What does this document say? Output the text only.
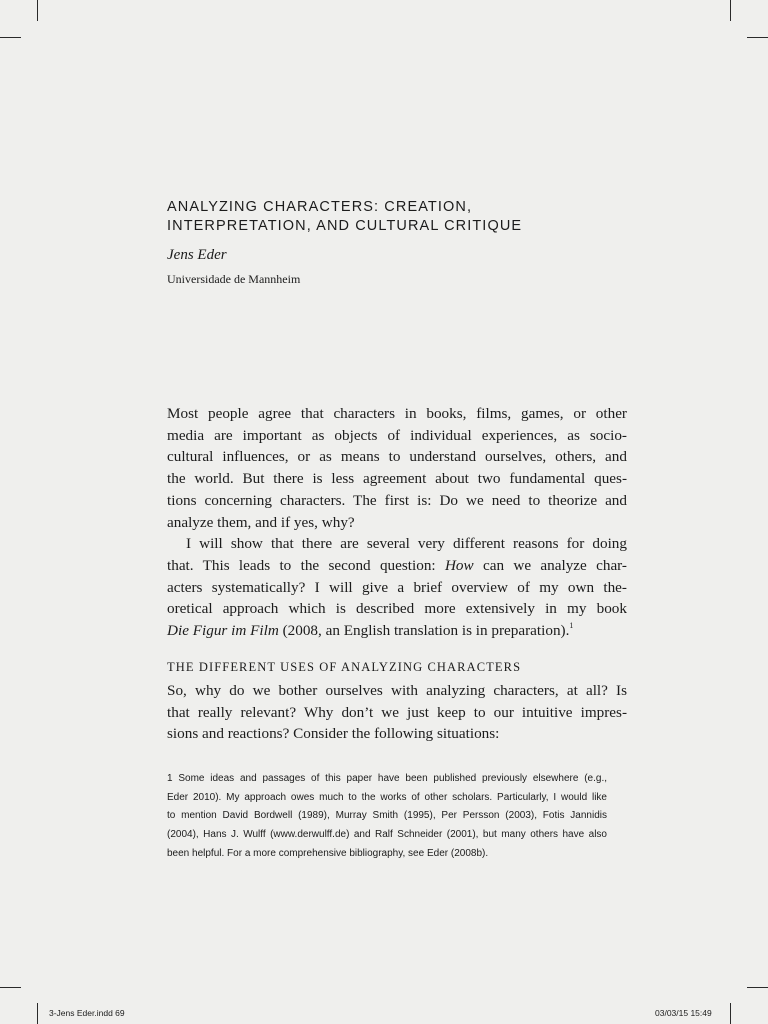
ANALYZING CHARACTERS: CREATION,
INTERPRETATION, AND CULTURAL CRITIQUE
Jens Eder
Universidade de Mannheim
Most people agree that characters in books, films, games, or other
media are important as objects of individual experiences, as socio-
cultural influences, or as means to understand ourselves, others, and
the world. But there is less agreement about two fundamental ques-
tions concerning characters. The first is: Do we need to theorize and
analyze them, and if yes, why?
I will show that there are several very different reasons for doing
that. This leads to the second question: How can we analyze char-
acters systematically? I will give a brief overview of my own the-
oretical approach which is described more extensively in my book
Die Figur im Film (2008, an English translation is in preparation).$^1$
THE DIFFERENT USES OF ANALYZING CHARACTERS
So, why do we bother ourselves with analyzing characters, at all? Is
that really relevant? Why don’t we just keep to our intuitive impres-
sions and reactions? Consider the following situations:
1 Some ideas and passages of this paper have been published previously elsewhere (e.g.,
Eder 2010). My approach owes much to the works of other scholars. Particularly, I would like
to mention David Bordwell (1989), Murray Smith (1995), Per Persson (2003), Fotis Jannidis
(2004), Hans J. Wulff (www.derwulff.de) and Ralf Schneider (2001), but many others have also
been helpful. For a more comprehensive bibliography, see Eder (2008b).
3-Jens Eder.indd 69	03/03/15 15:49
